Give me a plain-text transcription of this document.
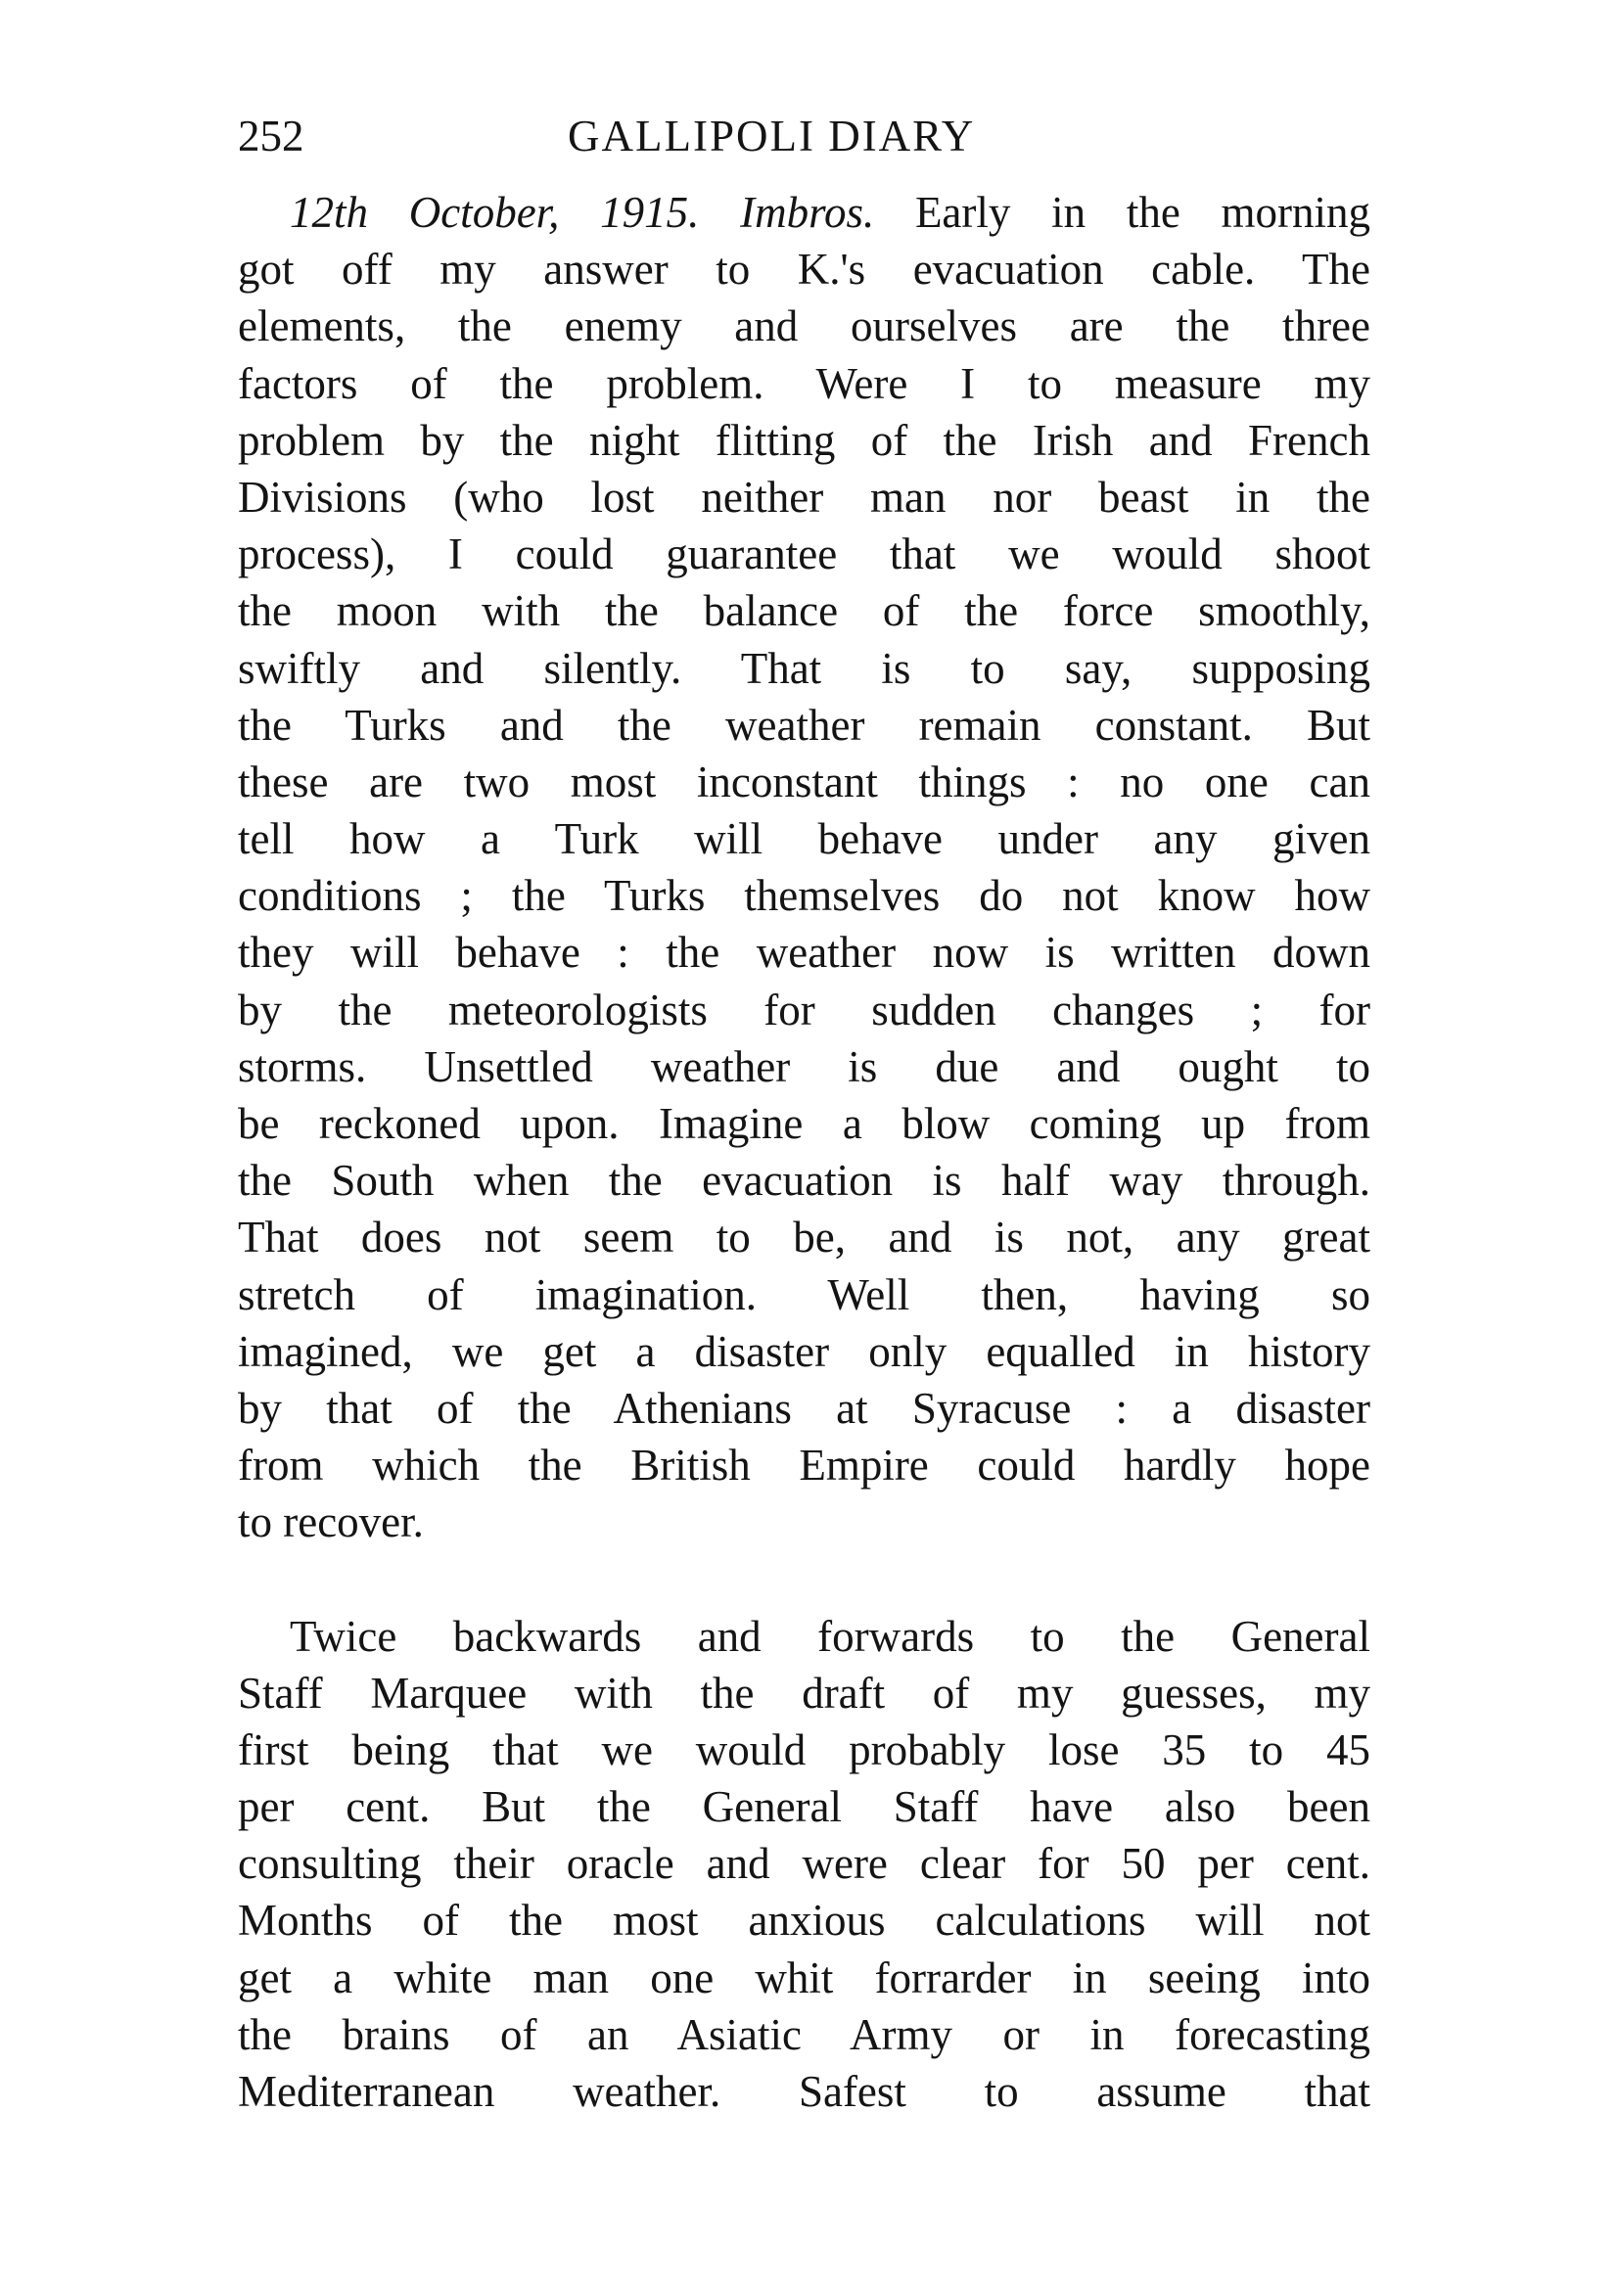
252	GALLIPOLI DIARY
12th October, 1915. Imbros. Early in the morning
got off my answer to K.'s evacuation cable. The
elements, the enemy and ourselves are the three
factors of the problem. Were I to measure my
problem by the night flitting of the Irish and French
Divisions (who lost neither man nor beast in the
process), I could guarantee that we would shoot
the moon with the balance of the force smoothly,
swiftly and silently. That is to say, supposing
the Turks and the weather remain constant. But
these are two most inconstant things : no one can
tell how a Turk will behave under any given
conditions ; the Turks themselves do not know how
they will behave : the weather now is written down
by the meteorologists for sudden changes ; for
storms. Unsettled weather is due and ought to
be reckoned upon. Imagine a blow coming up from
the South when the evacuation is half way through.
That does not seem to be, and is not, any great
stretch of imagination. Well then, having so
imagined, we get a disaster only equalled in history
by that of the Athenians at Syracuse : a disaster
from which the British Empire could hardly hope
to recover.
Twice backwards and forwards to the General
Staff Marquee with the draft of my guesses, my
first being that we would probably lose 35 to 45
per cent. But the General Staff have also been
consulting their oracle and were clear for 50 per cent.
Months of the most anxious calculations will not
get a white man one whit forrarder in seeing into
the brains of an Asiatic Army or in forecasting
Mediterranean weather. Safest to assume that
